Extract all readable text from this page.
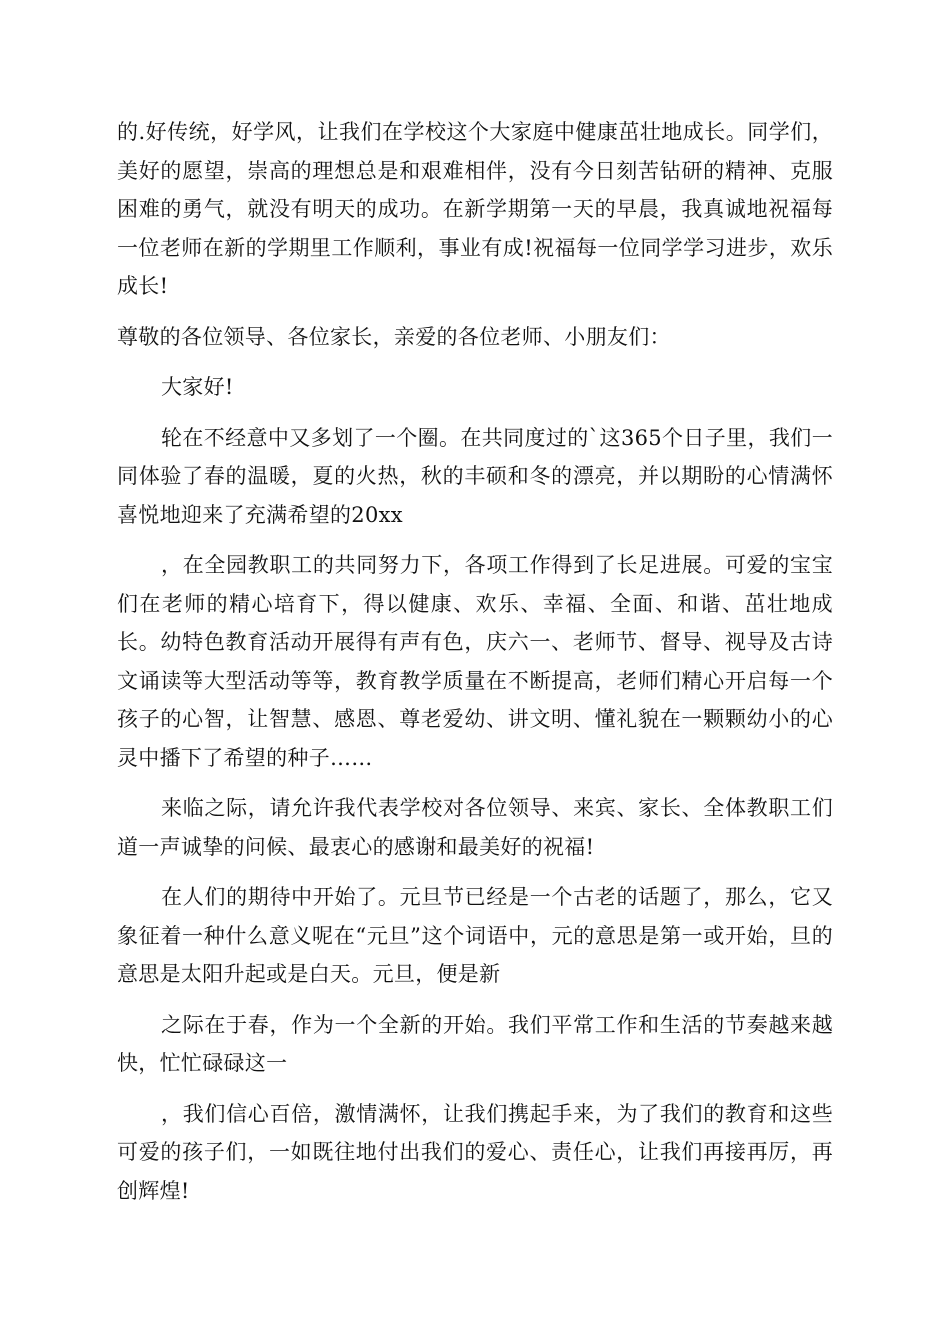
的.好传统，好学风，让我们在学校这个大家庭中健康茁壮地成长。同学们，美好的愿望，崇高的理想总是和艰难相伴，没有今日刻苦钻研的精神、克服困难的勇气，就没有明天的成功。在新学期第一天的早晨，我真诚地祝福每一位老师在新的学期里工作顺利，事业有成!祝福每一位同学学习进步，欢乐成长!

尊敬的各位领导、各位家长，亲爱的各位老师、小朋友们：

大家好!

轮在不经意中又多划了一个圈。在共同度过的`这365个日子里，我们一同体验了春的温暖，夏的火热，秋的丰硕和冬的漂亮，并以期盼的心情满怀喜悦地迎来了充满希望的20xx

，在全园教职工的共同努力下，各项工作得到了长足进展。可爱的宝宝们在老师的精心培育下，得以健康、欢乐、幸福、全面、和谐、茁壮地成长。幼特色教育活动开展得有声有色，庆六一、老师节、督导、视导及古诗文诵读等大型活动等等，教育教学质量在不断提高，老师们精心开启每一个孩子的心智，让智慧、感恩、尊老爱幼、讲文明、懂礼貌在一颗颗幼小的心灵中播下了希望的种子……

来临之际，请允许我代表学校对各位领导、来宾、家长、全体教职工们道一声诚挚的问候、最衷心的感谢和最美好的祝福!

在人们的期待中开始了。元旦节已经是一个古老的话题了，那么，它又象征着一种什么意义呢在“元旦”这个词语中，元的意思是第一或开始，旦的意思是太阳升起或是白天。元旦，便是新

之际在于春，作为一个全新的开始。我们平常工作和生活的节奏越来越快，忙忙碌碌这一

，我们信心百倍，激情满怀，让我们携起手来，为了我们的教育和这些可爱的孩子们，一如既往地付出我们的爱心、责任心，让我们再接再厉，再创辉煌!
